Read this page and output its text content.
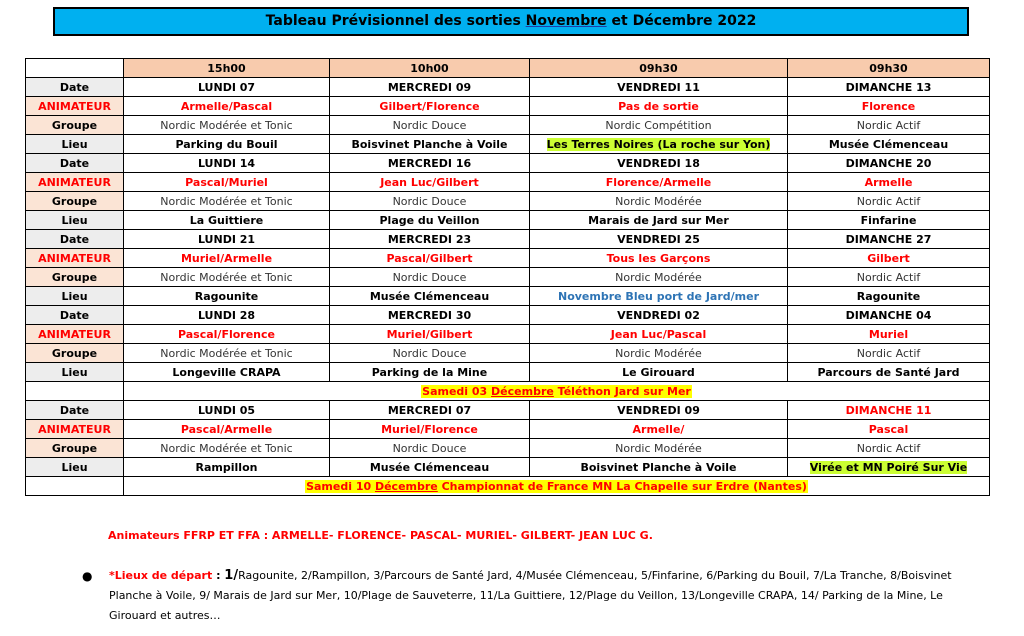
Tableau Prévisionnel des sorties Novembre et Décembre 2022
	15h00	10h00	09h30	09h30
Date	LUNDI 07	MERCREDI 09	VENDREDI 11	DIMANCHE 13
ANIMATEUR	Armelle/Pascal	Gilbert/Florence	Pas de sortie	Florence
Groupe	Nordic Modérée et Tonic	Nordic Douce	Nordic Compétition	Nordic Actif
Lieu	Parking du Bouil	Boisvinet Planche à Voile	Les Terres Noires (La roche sur Yon)	Musée Clémenceau
Date	LUNDI 14	MERCREDI 16	VENDREDI 18	DIMANCHE 20
ANIMATEUR	Pascal/Muriel	Jean Luc/Gilbert	Florence/Armelle	Armelle
Groupe	Nordic Modérée et Tonic	Nordic Douce	Nordic Modérée	Nordic Actif
Lieu	La Guittiere	Plage du Veillon	Marais de Jard sur Mer	Finfarine
Date	LUNDI 21	MERCREDI 23	VENDREDI 25	DIMANCHE 27
ANIMATEUR	Muriel/Armelle	Pascal/Gilbert	Tous les Garçons	Gilbert
Groupe	Nordic Modérée et Tonic	Nordic Douce	Nordic Modérée	Nordic Actif
Lieu	Ragounite	Musée Clémenceau	Novembre Bleu port de Jard/mer	Ragounite
Date	LUNDI 28	MERCREDI 30	VENDREDI 02	DIMANCHE 04
ANIMATEUR	Pascal/Florence	Muriel/Gilbert	Jean Luc/Pascal	Muriel
Groupe	Nordic Modérée et Tonic	Nordic Douce	Nordic Modérée	Nordic Actif
Lieu	Longeville CRAPA	Parking de la Mine	Le Girouard	Parcours de Santé Jard
	Samedi 03 Décembre Téléthon Jard sur Mer			
Date	LUNDI 05	MERCREDI 07	VENDREDI 09	DIMANCHE 11
ANIMATEUR	Pascal/Armelle	Muriel/Florence	Armelle/	Pascal
Groupe	Nordic Modérée et Tonic	Nordic Douce	Nordic Modérée	Nordic Actif
Lieu	Rampillon	Musée Clémenceau	Boisvinet Planche à Voile	Virée et MN Poiré Sur Vie
	Samedi 10 Décembre Championnat de France MN La Chapelle sur Erdre (Nantes)			
Animateurs FFRP ET FFA : ARMELLE- FLORENCE- PASCAL- MURIEL- GILBERT- JEAN LUC G.
● *Lieux de départ : 1/Ragounite, 2/Rampillon, 3/Parcours de Santé Jard, 4/Musée Clémenceau, 5/Finfarine, 6/Parking du Bouil, 7/La Tranche, 8/Boisvinet Planche à Voile, 9/ Marais de Jard sur Mer, 10/Plage de Sauveterre, 11/La Guittiere, 12/Plage du Veillon, 13/Longeville CRAPA, 14/ Parking de la Mine, Le Girouard et autres…
